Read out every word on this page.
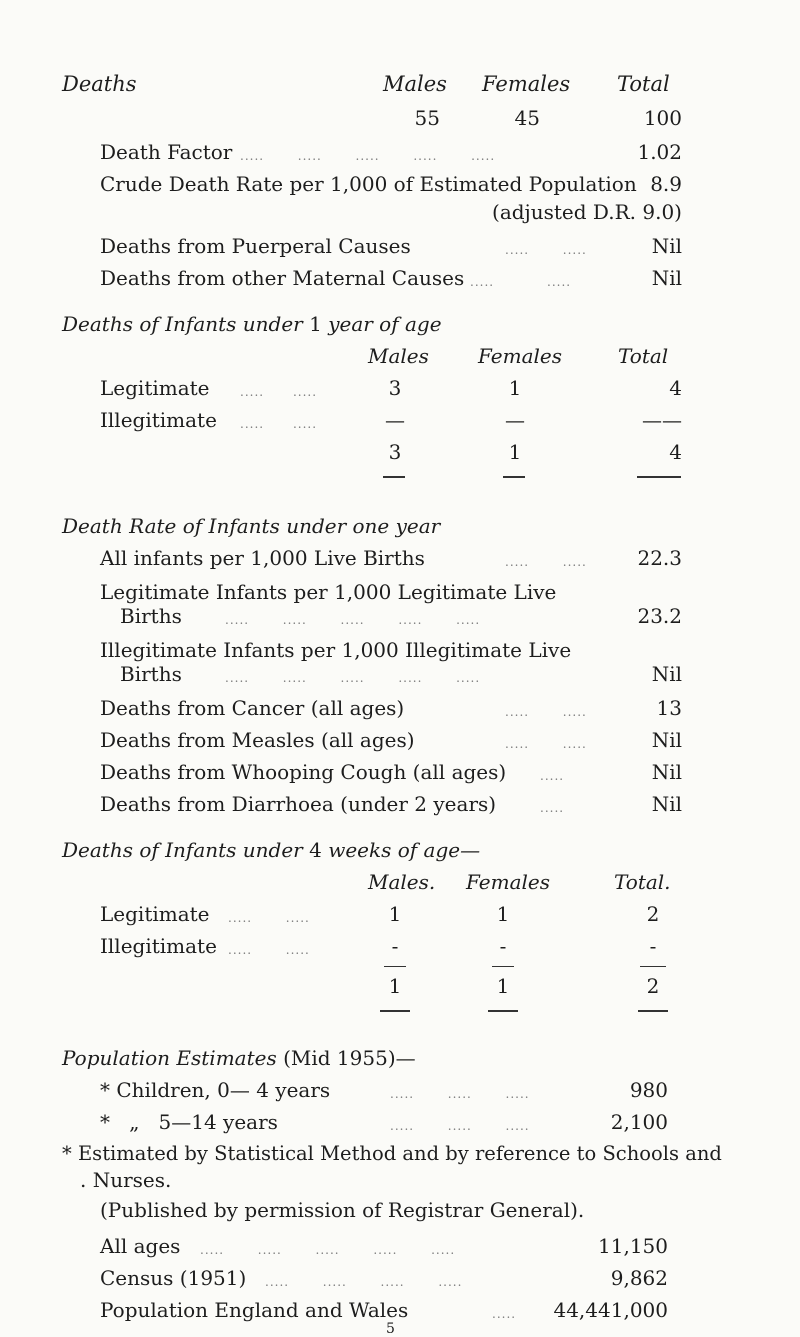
Deaths	Males Females Total
55	45	100
Death Factor .....       .....       .....       .....       .....	1.02
Crude Death Rate per 1,000 of Estimated Population 8.9
(adjusted D.R. 9.0)
Deaths from Puerperal Causes	.....       .....	Nil
Deaths from other Maternal Causes .....           .....	Nil
Deaths of Infants under 1 year of age
Males Females	Total
Legitimate	.....      .....	3	1	4
Illegitimate .....      .....	—	—	——
3	1	4
Death Rate of Infants under one year
All infants per 1,000 Live Births	.....       .....	22.3
Legitimate Infants per 1,000 Legitimate Live
Births	.....       .....       .....       .....       .....	23.2
Illegitimate Infants per 1,000 Illegitimate Live
Births	.....       .....       .....       .....       .....	Nil
Deaths from Cancer (all ages)	.....       .....	13
Deaths from Measles (all ages)	.....       .....	Nil
Deaths from Whooping Cough (all ages)	.....	Nil
Deaths from Diarrhoea (under 2 years)	.....	Nil
Deaths of Infants under 4 weeks of age—
Males. Females	Total.
Legitimate .....       .....	1	1	2
Illegitimate .....       .....	-	-	-
1	1	2
Population Estimates (Mid 1955)—
* Children, 0— 4 years	.....       .....       .....	980
*   „   5—14 years	.....       .....       .....	2,100
* Estimated by Statistical Method and by reference to Schools and
. Nurses.
(Published by permission of Registrar General).
All ages .....       .....       .....       .....       .....	11,150
Census (1951) .....       .....       .....       .....	9,862
Population England and Wales	.....	44,441,000
5
